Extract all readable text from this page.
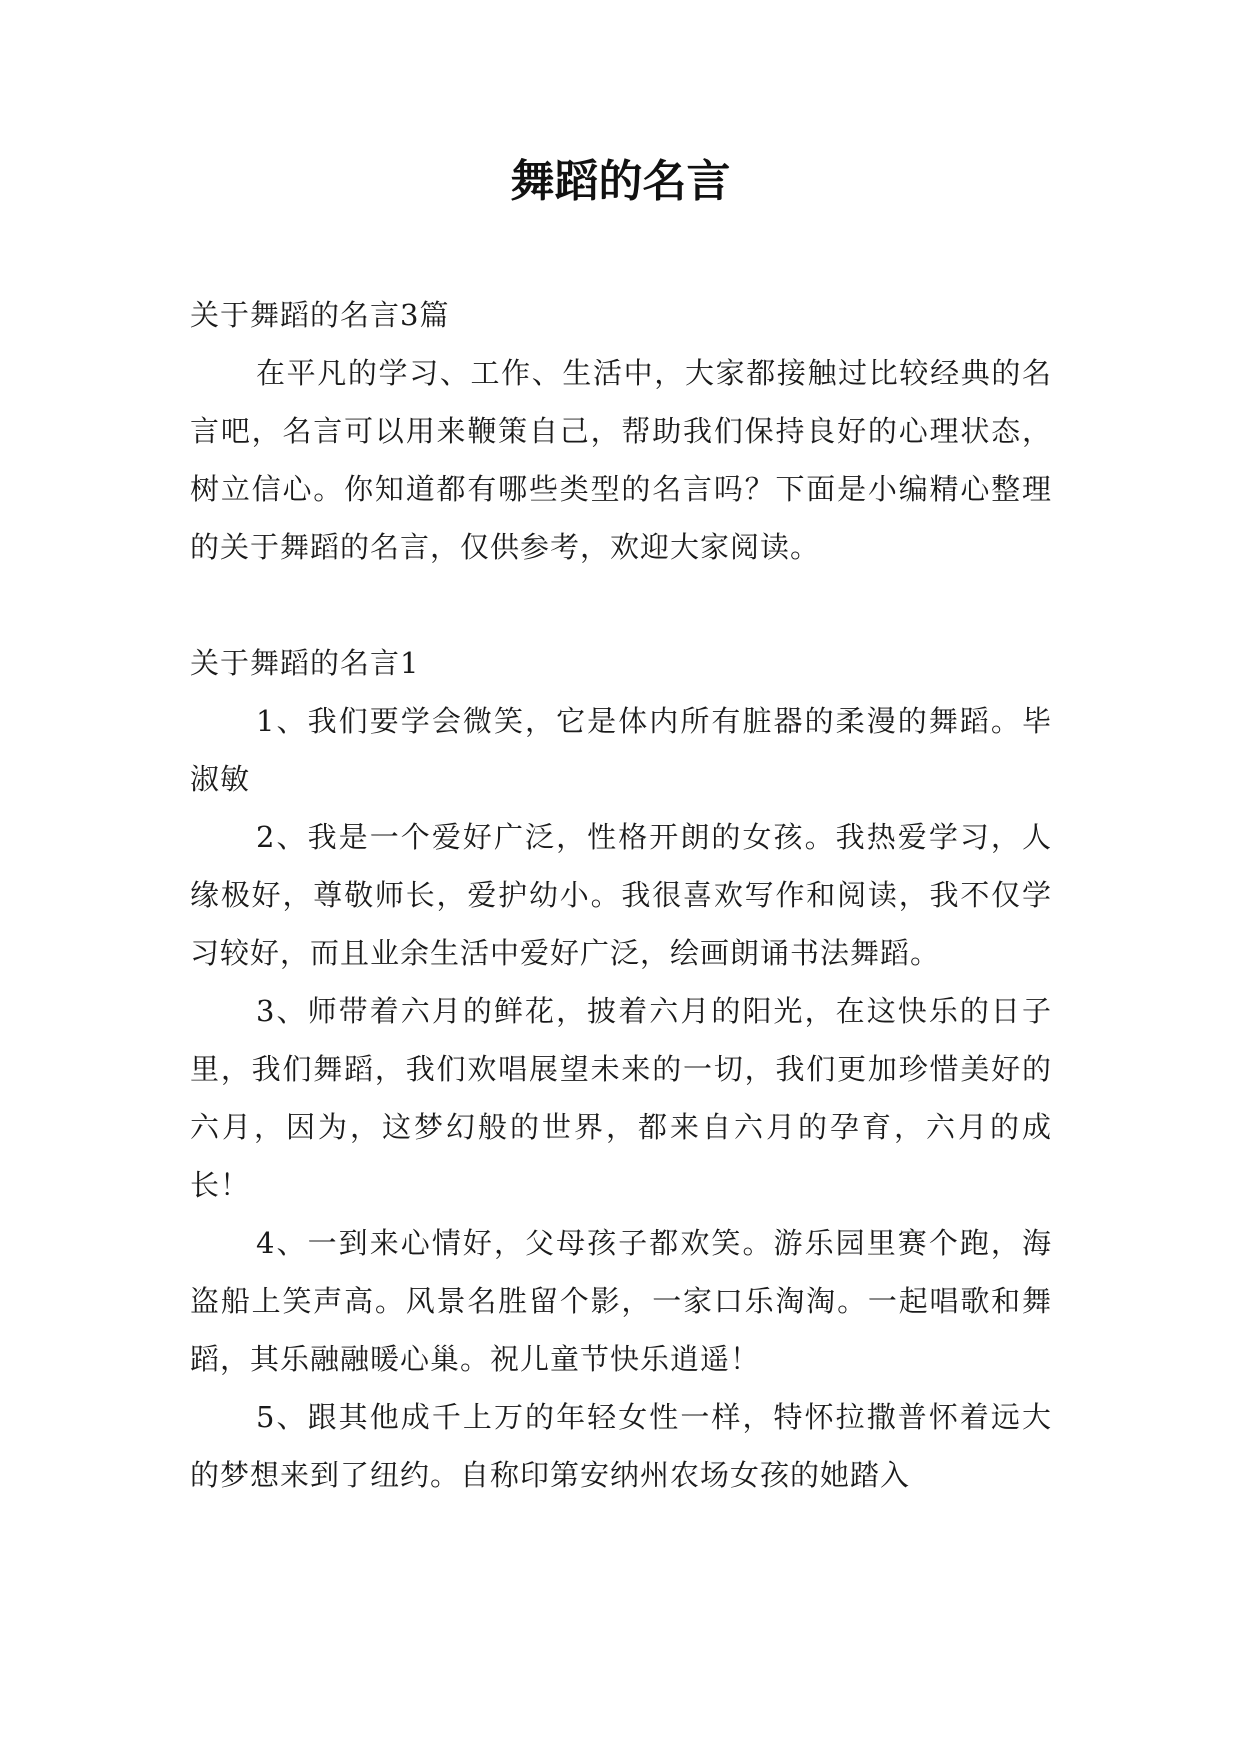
舞蹈的名言

关于舞蹈的名言3篇

在平凡的学习、工作、生活中，大家都接触过比较经典的名言吧，名言可以用来鞭策自己，帮助我们保持良好的心理状态，树立信心。你知道都有哪些类型的名言吗？下面是小编精心整理的关于舞蹈的名言，仅供参考，欢迎大家阅读。

关于舞蹈的名言1

1、我们要学会微笑，它是体内所有脏器的柔漫的舞蹈。毕淑敏

2、我是一个爱好广泛，性格开朗的女孩。我热爱学习，人缘极好，尊敬师长，爱护幼小。我很喜欢写作和阅读，我不仅学习较好，而且业余生活中爱好广泛，绘画朗诵书法舞蹈。

3、师带着六月的鲜花，披着六月的阳光，在这快乐的日子里，我们舞蹈，我们欢唱展望未来的一切，我们更加珍惜美好的六月，因为，这梦幻般的世界，都来自六月的孕育，六月的成长！

4、一到来心情好，父母孩子都欢笑。游乐园里赛个跑，海盗船上笑声高。风景名胜留个影，一家口乐淘淘。一起唱歌和舞蹈，其乐融融暖心巢。祝儿童节快乐逍遥！

5、跟其他成千上万的年轻女性一样，特怀拉撒普怀着远大的梦想来到了纽约。自称印第安纳州农场女孩的她踏入
